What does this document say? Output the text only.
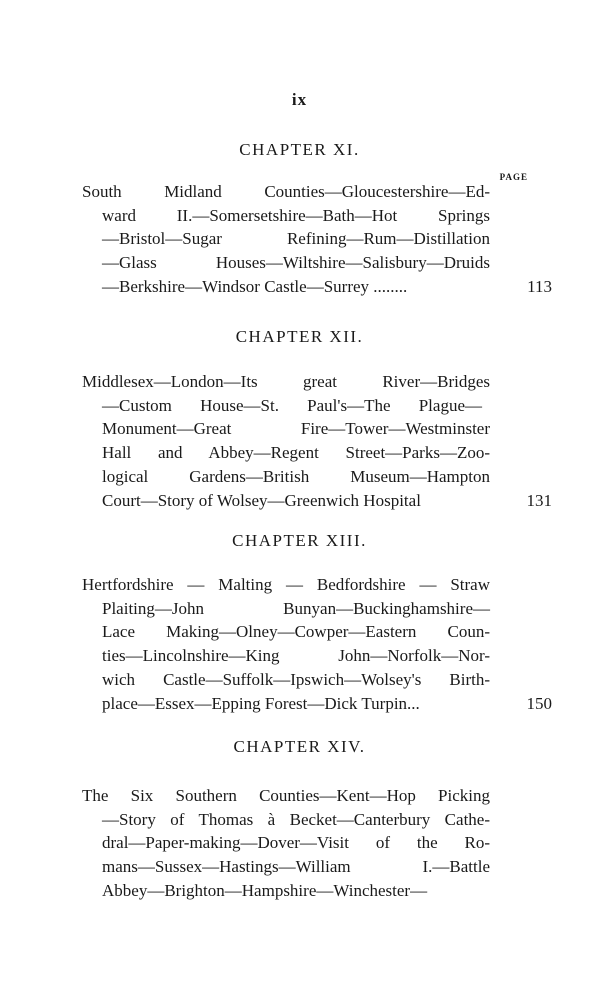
ix
CHAPTER XI.
PAGE
South Midland Counties—Gloucestershire—Ed-
ward II.—Somersetshire—Bath—Hot Springs
—Bristol—Sugar Refining—Rum—Distillation
—Glass Houses—Wiltshire—Salisbury—Druids
—Berkshire—Windsor Castle—Surrey ........	113
CHAPTER XII.
Middlesex—London—Its great River—Bridges
—Custom House—St. Paul's—The Plague—
Monument—Great Fire—Tower—Westminster
Hall and Abbey—Regent Street—Parks—Zoo-
logical Gardens—British Museum—Hampton
Court—Story of Wolsey—Greenwich Hospital	131
CHAPTER XIII.
Hertfordshire — Malting — Bedfordshire — Straw
Plaiting—John Bunyan—Buckinghamshire—
Lace Making—Olney—Cowper—Eastern Coun-
ties—Lincolnshire—King John—Norfolk—Nor-
wich Castle—Suffolk—Ipswich—Wolsey's Birth-
place—Essex—Epping Forest—Dick Turpin...	150
CHAPTER XIV.
The Six Southern Counties—Kent—Hop Picking
—Story of Thomas à Becket—Canterbury Cathe-
dral—Paper-making—Dover—Visit of the Ro-
mans—Sussex—Hastings—William I.—Battle
Abbey—Brighton—Hampshire—Winchester—
